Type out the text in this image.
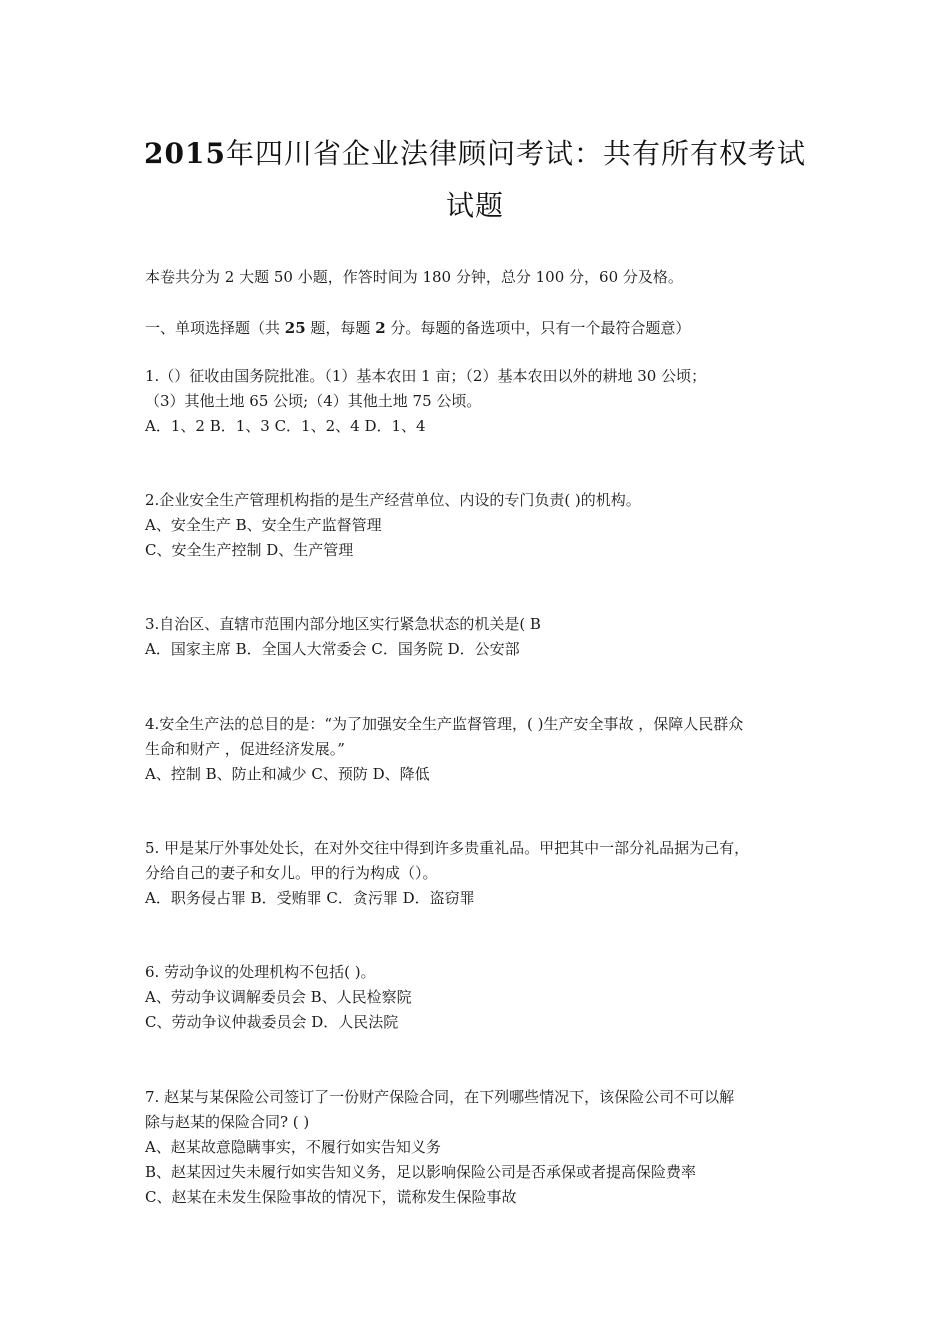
2015年四川省企业法律顾问考试：共有所有权考试
试题
本卷共分为 2 大题 50 小题，作答时间为 180 分钟，总分 100 分，60 分及格。
一、单项选择题（共 25 题，每题 2 分。每题的备选项中，只有一个最符合题意）
1.（）征收由国务院批准。（1）基本农田 1 亩；（2）基本农田以外的耕地 30 公顷；
（3）其他土地 65 公顷;（4）其他土地 75 公顷。
A．1、2 B．1、3 C．1、2、4 D．1、4
2.企业安全生产管理机构指的是生产经营单位、内设的专门负责( )的机构。
A、安全生产 B、安全生产监督管理
C、安全生产控制 D、生产管理
3.自治区、直辖市范围内部分地区实行紧急状态的机关是( B
A．国家主席 B．全国人大常委会 C．国务院 D．公安部
4.安全生产法的总目的是：“为了加强安全生产监督管理，( )生产安全事故 ，保障人民群众
生命和财产 ，促进经济发展。”
A、控制 B、防止和减少 C、预防 D、降低
5. 甲是某厅外事处处长，在对外交往中得到许多贵重礼品。甲把其中一部分礼品据为己有，
分给自己的妻子和女儿。甲的行为构成（）。
A．职务侵占罪 B．受贿罪 C．贪污罪 D．盗窃罪
6. 劳动争议的处理机构不包括( )。
A、劳动争议调解委员会 B、人民检察院
C、劳动争议仲裁委员会 D．人民法院
7. 赵某与某保险公司签订了一份财产保险合同，在下列哪些情况下，该保险公司不可以解
除与赵某的保险合同? ( )
A、赵某故意隐瞒事实，不履行如实告知义务
B、赵某因过失未履行如实告知义务，足以影响保险公司是否承保或者提高保险费率
C、赵某在未发生保险事故的情况下，谎称发生保险事故
